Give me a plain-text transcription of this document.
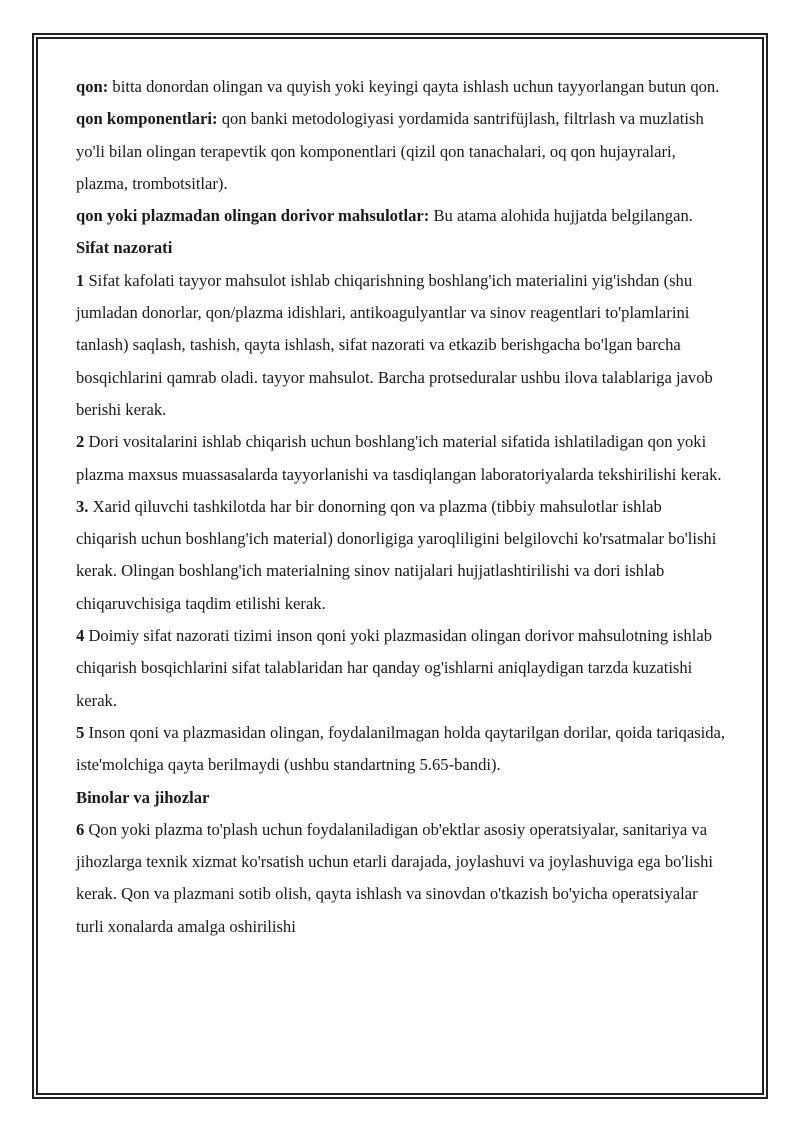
qon: bitta donordan olingan va quyish yoki keyingi qayta ishlash uchun tayyorlangan butun qon.

qon komponentlari: qon banki metodologiyasi yordamida santrifüjlash, filtrlash va muzlatish yo'li bilan olingan terapevtik qon komponentlari (qizil qon tanachalari, oq qon hujayralari, plazma, trombotsitlar).

qon yoki plazmadan olingan dorivor mahsulotlar: Bu atama alohida hujjatda belgilangan.

Sifat nazorati

1 Sifat kafolati tayyor mahsulot ishlab chiqarishning boshlang'ich materialini yig'ishdan (shu jumladan donorlar, qon/plazma idishlari, antikoagulyantlar va sinov reagentlari to'plamlarini tanlash) saqlash, tashish, qayta ishlash, sifat nazorati va etkazib berishgacha bo'lgan barcha bosqichlarini qamrab oladi. tayyor mahsulot. Barcha protseduralar ushbu ilova talablariga javob berishi kerak.

2 Dori vositalarini ishlab chiqarish uchun boshlang'ich material sifatida ishlatiladigan qon yoki plazma maxsus muassasalarda tayyorlanishi va tasdiqlangan laboratoriyalarda tekshirilishi kerak.

3. Xarid qiluvchi tashkilotda har bir donorning qon va plazma (tibbiy mahsulotlar ishlab chiqarish uchun boshlang'ich material) donorligiga yaroqliligini belgilovchi ko'rsatmalar bo'lishi kerak. Olingan boshlang'ich materialning sinov natijalari hujjatlashtirilishi va dori ishlab chiqaruvchisiga taqdim etilishi kerak.

4 Doimiy sifat nazorati tizimi inson qoni yoki plazmasidan olingan dorivor mahsulotning ishlab chiqarish bosqichlarini sifat talablaridan har qanday og'ishlarni aniqlaydigan tarzda kuzatishi kerak.

5 Inson qoni va plazmasidan olingan, foydalanilmagan holda qaytarilgan dorilar, qoida tariqasida, iste'molchiga qayta berilmaydi (ushbu standartning 5.65-bandi).

Binolar va jihozlar

6 Qon yoki plazma to'plash uchun foydalaniladigan ob'ektlar asosiy operatsiyalar, sanitariya va jihozlarga texnik xizmat ko'rsatish uchun etarli darajada, joylashuvi va joylashuviga ega bo'lishi kerak. Qon va plazmani sotib olish, qayta ishlash va sinovdan o'tkazish bo'yicha operatsiyalar turli xonalarda amalga oshirilishi
